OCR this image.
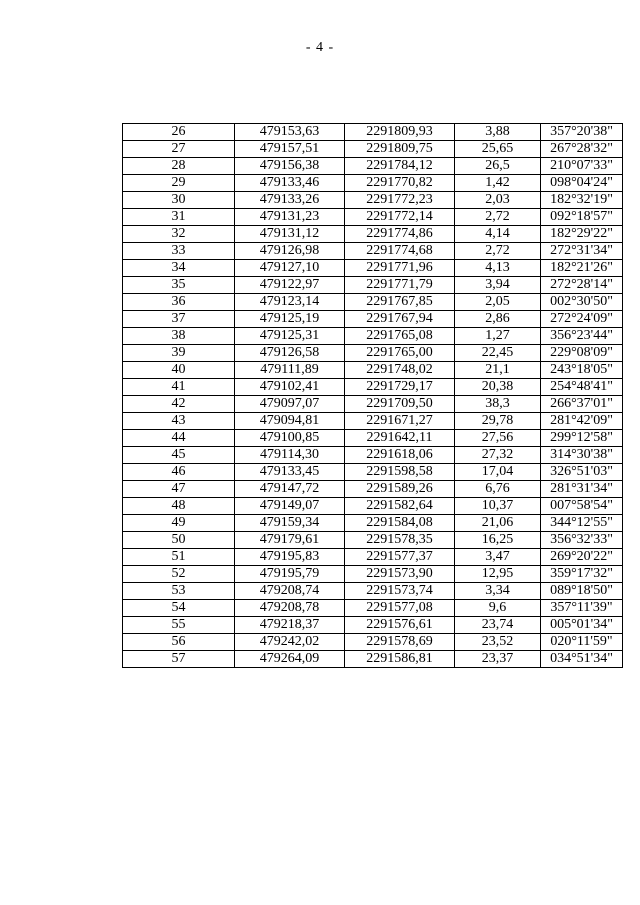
- 4 -
26	479153,63	2291809,93	3,88	357°20'38"
27	479157,51	2291809,75	25,65	267°28'32"
28	479156,38	2291784,12	26,5	210°07'33"
29	479133,46	2291770,82	1,42	098°04'24"
30	479133,26	2291772,23	2,03	182°32'19"
31	479131,23	2291772,14	2,72	092°18'57"
32	479131,12	2291774,86	4,14	182°29'22"
33	479126,98	2291774,68	2,72	272°31'34"
34	479127,10	2291771,96	4,13	182°21'26"
35	479122,97	2291771,79	3,94	272°28'14"
36	479123,14	2291767,85	2,05	002°30'50"
37	479125,19	2291767,94	2,86	272°24'09"
38	479125,31	2291765,08	1,27	356°23'44"
39	479126,58	2291765,00	22,45	229°08'09"
40	479111,89	2291748,02	21,1	243°18'05"
41	479102,41	2291729,17	20,38	254°48'41"
42	479097,07	2291709,50	38,3	266°37'01"
43	479094,81	2291671,27	29,78	281°42'09"
44	479100,85	2291642,11	27,56	299°12'58"
45	479114,30	2291618,06	27,32	314°30'38"
46	479133,45	2291598,58	17,04	326°51'03"
47	479147,72	2291589,26	6,76	281°31'34"
48	479149,07	2291582,64	10,37	007°58'54"
49	479159,34	2291584,08	21,06	344°12'55"
50	479179,61	2291578,35	16,25	356°32'33"
51	479195,83	2291577,37	3,47	269°20'22"
52	479195,79	2291573,90	12,95	359°17'32"
53	479208,74	2291573,74	3,34	089°18'50"
54	479208,78	2291577,08	9,6	357°11'39"
55	479218,37	2291576,61	23,74	005°01'34"
56	479242,02	2291578,69	23,52	020°11'59"
57	479264,09	2291586,81	23,37	034°51'34"
